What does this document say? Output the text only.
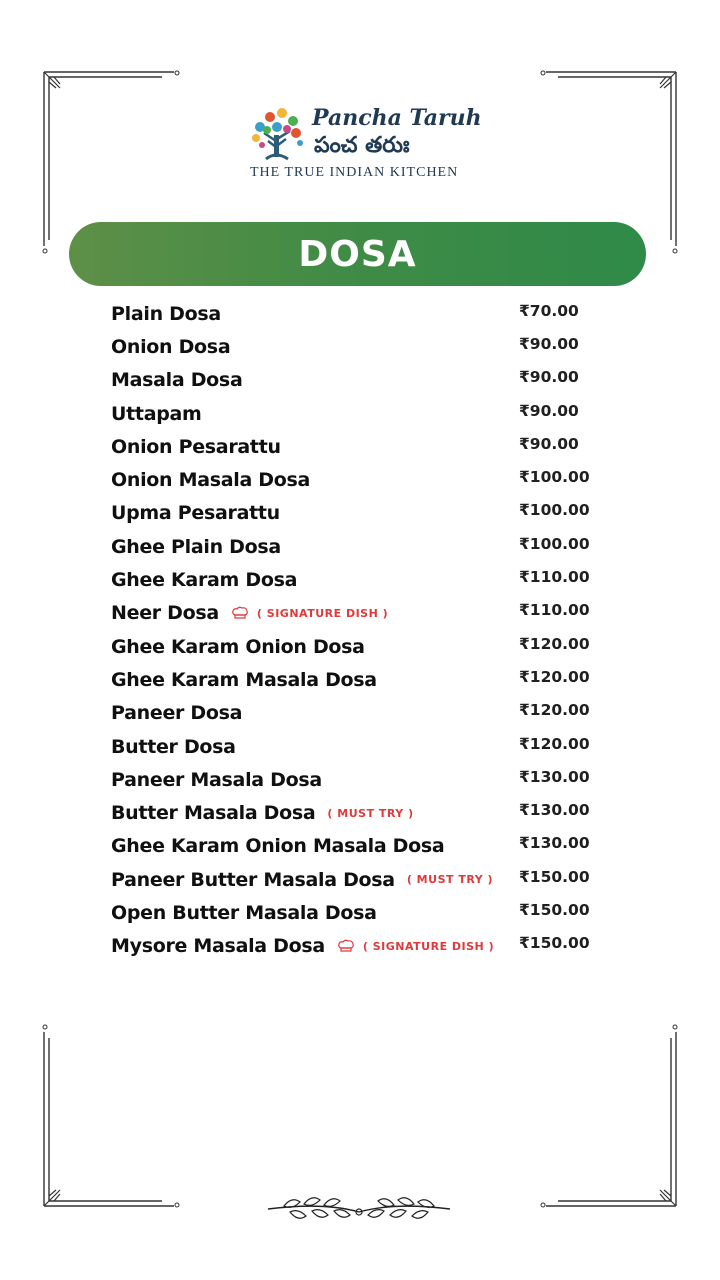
Pancha Taruh
పంచ తరుః
THE TRUE INDIAN KITCHEN
DOSA
Plain Dosa	₹70.00
Onion Dosa	₹90.00
Masala Dosa	₹90.00
Uttapam	₹90.00
Onion Pesarattu	₹90.00
Onion Masala Dosa	₹100.00
Upma Pesarattu	₹100.00
Ghee Plain Dosa	₹100.00
Ghee Karam Dosa	₹110.00
Neer Dosa	( SIGNATURE DISH )	₹110.00
Ghee Karam Onion Dosa	₹120.00
Ghee Karam Masala Dosa	₹120.00
Paneer Dosa	₹120.00
Butter Dosa	₹120.00
Paneer Masala Dosa	₹130.00
Butter Masala Dosa ( MUST TRY )	₹130.00
Ghee Karam Onion Masala Dosa	₹130.00
Paneer Butter Masala Dosa ( MUST TRY ) ₹150.00
Open Butter Masala Dosa	₹150.00
Mysore Masala Dosa	( SIGNATURE DISH ) ₹150.00
